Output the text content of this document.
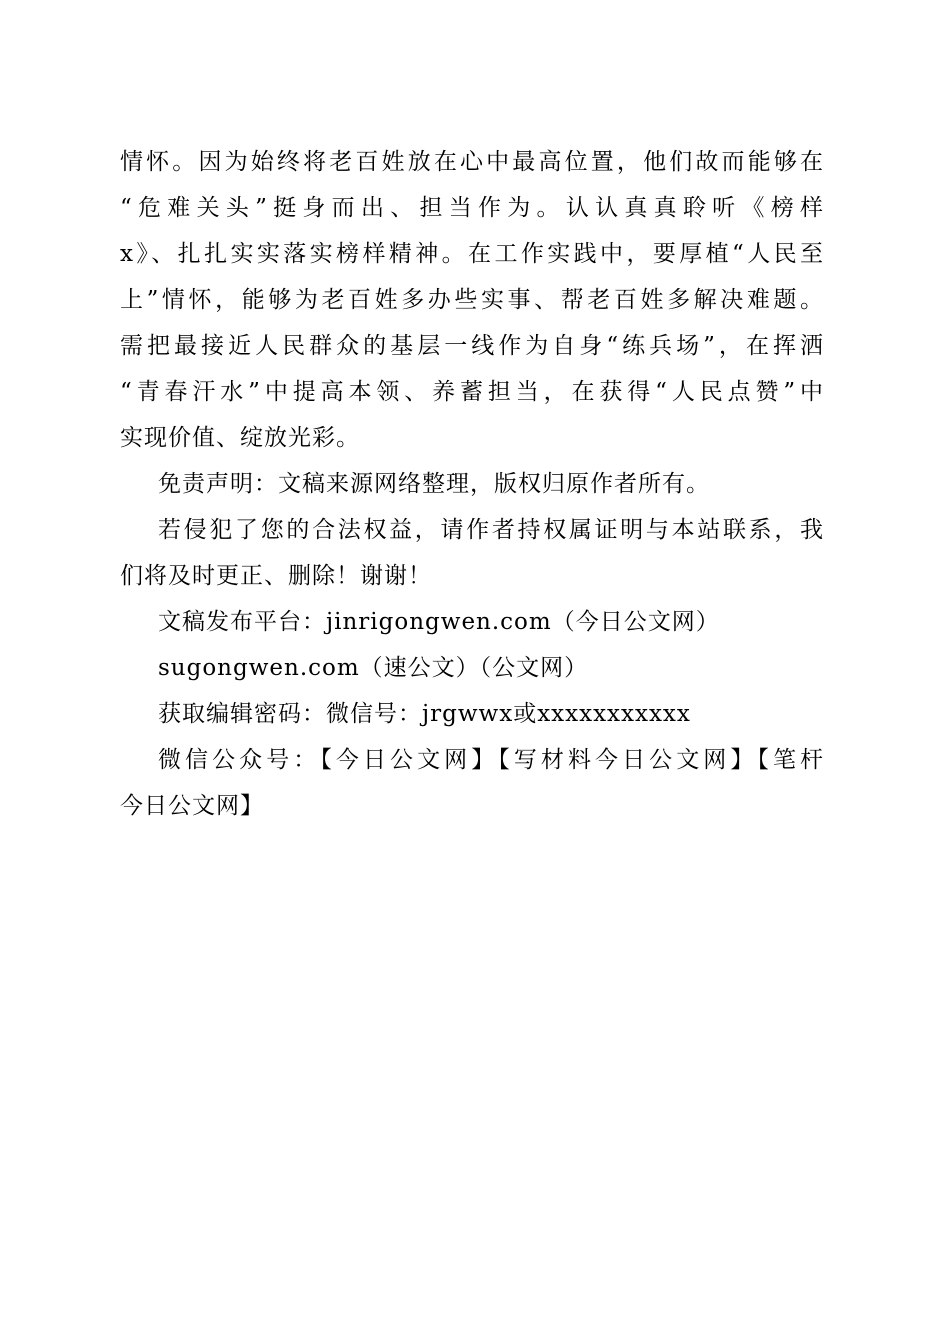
情怀。因为始终将老百姓放在心中最高位置，他们故而能够在
“危难关头”挺身而出、担当作为。认认真真聆听《榜样
x》、扎扎实实落实榜样精神。在工作实践中，要厚植“人民至
上”情怀，能够为老百姓多办些实事、帮老百姓多解决难题。
需把最接近人民群众的基层一线作为自身“练兵场”，在挥洒
“青春汗水”中提高本领、养蓄担当，在获得“人民点赞”中
实现价值、绽放光彩。
免责声明：文稿来源网络整理，版权归原作者所有。
若侵犯了您的合法权益，请作者持权属证明与本站联系，我
们将及时更正、删除！谢谢！
文稿发布平台：jinrigongwen.com（今日公文网）
sugongwen.com（速公文）（公文网）
获取编辑密码：微信号：jrgwwx或xxxxxxxxxxx
微信公众号：【今日公文网】【写材料今日公文网】【笔杆
今日公文网】
